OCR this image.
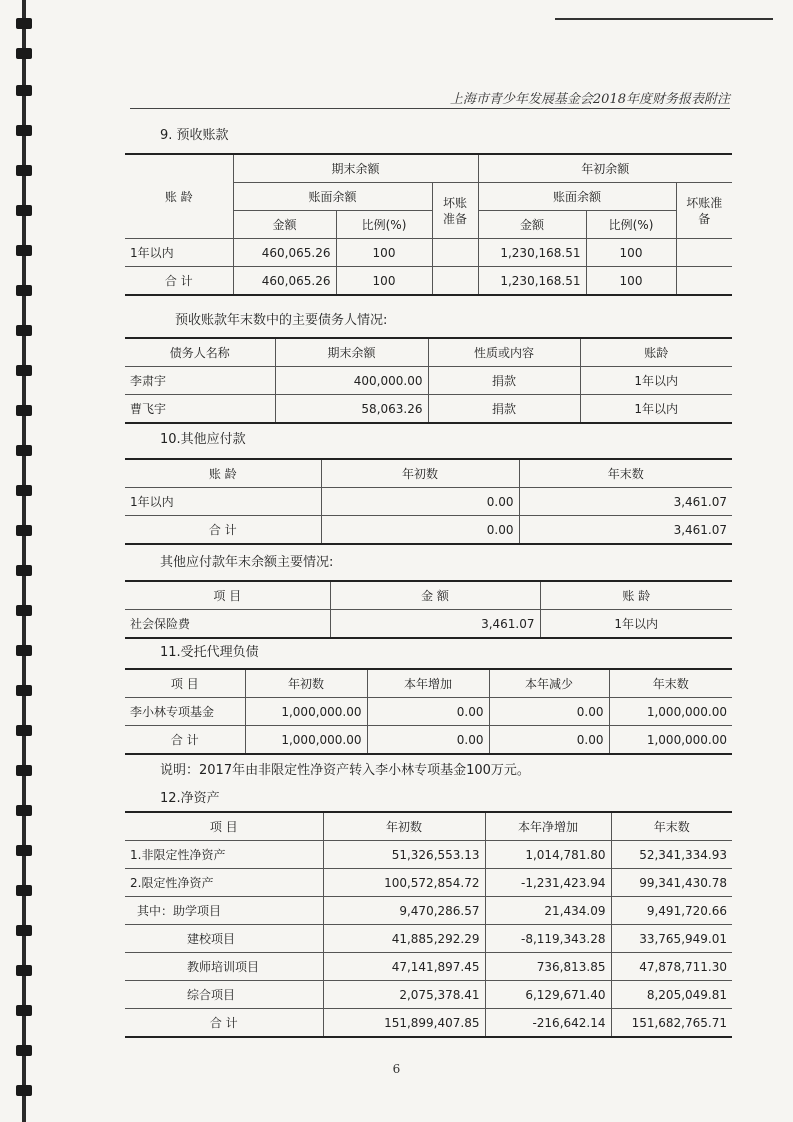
上海市青少年发展基金会2018年度财务报表附注
9. 预收账款
账 龄	期末余额			年初余额		
	账面余额		坏账准备	账面余额		坏账准备
	金额	比例(%)		金额	比例(%)	
1年以内	460,065.26	100		1,230,168.51	100	
合 计	460,065.26	100		1,230,168.51	100	
预收账款年末数中的主要债务人情况:
债务人名称	期末余额	性质或内容	账龄
李肃宇	400,000.00	捐款	1年以内
曹飞宇	58,063.26	捐款	1年以内
10.其他应付款
账 龄	年初数	年末数
1年以内	0.00	3,461.07
合 计	0.00	3,461.07
其他应付款年末余额主要情况:
项 目	金 额	账 龄
社会保险费	3,461.07	1年以内
11.受托代理负债
项 目	年初数	本年增加	本年减少	年末数
李小林专项基金	1,000,000.00	0.00	0.00	1,000,000.00
合 计	1,000,000.00	0.00	0.00	1,000,000.00
说明：2017年由非限定性净资产转入李小林专项基金100万元。
12.净资产
项 目	年初数	本年净增加	年末数
1.非限定性净资产	51,326,553.13	1,014,781.80	52,341,334.93
2.限定性净资产	100,572,854.72	-1,231,423.94	99,341,430.78
其中：助学项目	9,470,286.57	21,434.09	9,491,720.66
建校项目	41,885,292.29	-8,119,343.28	33,765,949.01
教师培训项目	47,141,897.45	736,813.85	47,878,711.30
综合项目	2,075,378.41	6,129,671.40	8,205,049.81
合 计	151,899,407.85	-216,642.14	151,682,765.71
6
